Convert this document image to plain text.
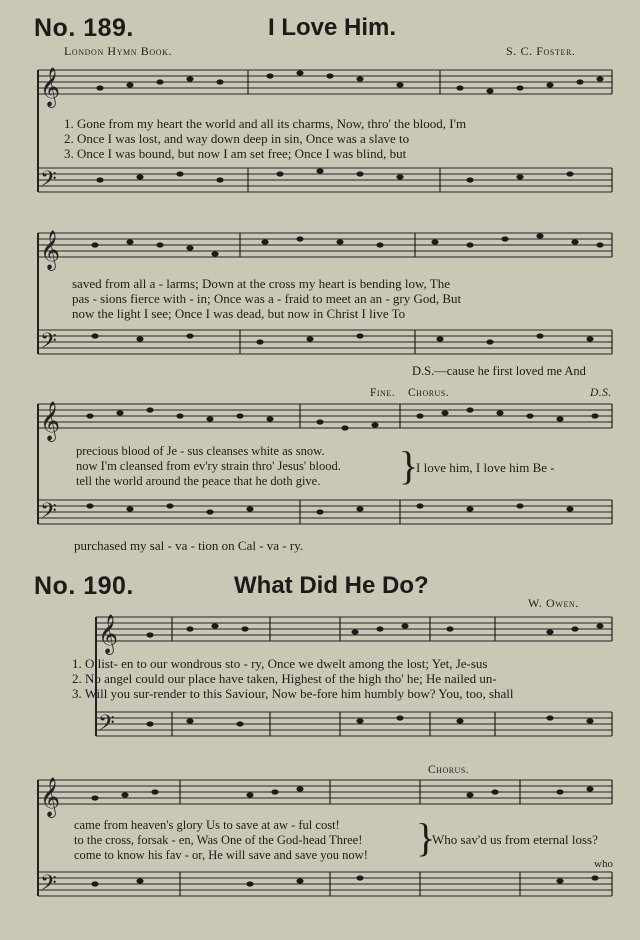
No. 189.	I Love Him.
London Hymn Book.	S. C. Foster.
𝄞
𝄢
𝄞
𝄢
𝄞
𝄢
𝄞
𝄢
𝄞
𝄢
1. Gone from my heart the world and all its charms, Now, thro' the blood, I'm
2. Once I was lost, and way down deep in sin, Once was a slave to
3. Once I was bound, but now I am set free; Once I was blind, but
saved from all a - larms; Down at the cross my heart is bending low, The
pas - sions fierce with - in; Once was a - fraid to meet an an - gry God, But
now the light I see; Once I was dead, but now in Christ I live To
D.S.—cause he first loved me And
Fine. Chorus.	D.S.
precious blood of Je - sus cleanses white as snow.
now I'm cleansed from ev'ry strain thro' Jesus' blood.
tell the world around the peace that he doth give.	}
I love him, I love him Be -
purchased my sal - va - tion on Cal - va - ry.
No. 190.	What Did He Do?
W. Owen.
1. O list- en to our wondrous sto - ry, Once we dwelt among the lost; Yet, Je-sus
2. No angel could our place have taken, Highest of the high tho' he; He nailed un-
3. Will you sur-render to this Saviour, Now be-fore him humbly bow? You, too, shall
Chorus.
came from heaven's glory Us to save at aw - ful cost!
to the cross, forsak - en, Was One of the God-head Three!
come to know his fav - or, He will save and save you now! }
Who sav'd us from eternal loss?
who
